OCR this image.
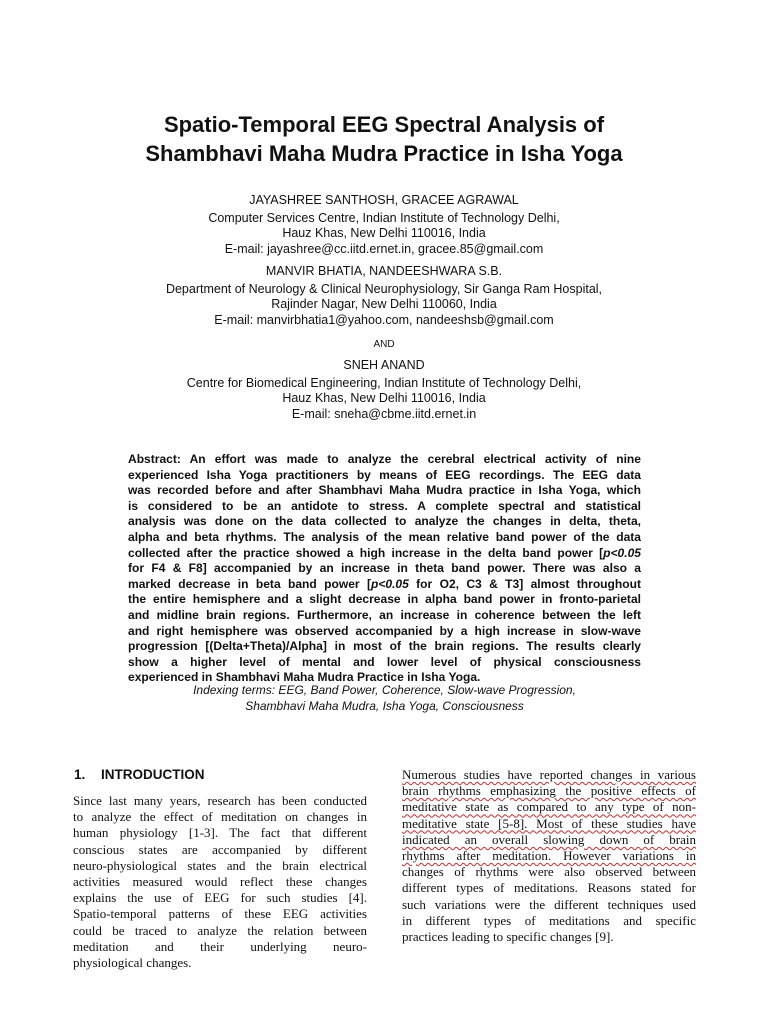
Spatio-Temporal EEG Spectral Analysis of
Shambhavi Maha Mudra Practice in Isha Yoga
JAYASHREE SANTHOSH, GRACEE AGRAWAL
Computer Services Centre, Indian Institute of Technology Delhi,
Hauz Khas, New Delhi 110016, India
E-mail: jayashree@cc.iitd.ernet.in, gracee.85@gmail.com
MANVIR BHATIA, NANDEESHWARA S.B.
Department of Neurology & Clinical Neurophysiology, Sir Ganga Ram Hospital,
Rajinder Nagar, New Delhi 110060, India
E-mail: manvirbhatia1@yahoo.com, nandeeshsb@gmail.com
AND
SNEH ANAND
Centre for Biomedical Engineering, Indian Institute of Technology Delhi,
Hauz Khas, New Delhi 110016, India
E-mail: sneha@cbme.iitd.ernet.in
Abstract: An effort was made to analyze the cerebral electrical activity of nine
experienced Isha Yoga practitioners by means of EEG recordings. The EEG data
was recorded before and after Shambhavi Maha Mudra practice in Isha Yoga, which
is considered to be an antidote to stress. A complete spectral and statistical
analysis was done on the data collected to analyze the changes in delta, theta,
alpha and beta rhythms. The analysis of the mean relative band power of the data
collected after the practice showed a high increase in the delta band power [p<0.05
for F4 & F8] accompanied by an increase in theta band power. There was also a
marked decrease in beta band power [p<0.05 for O2, C3 & T3] almost throughout
the entire hemisphere and a slight decrease in alpha band power in fronto-parietal
and midline brain regions. Furthermore, an increase in coherence between the left
and right hemisphere was observed accompanied by a high increase in slow-wave
progression [(Delta+Theta)/Alpha] in most of the brain regions. The results clearly
show a higher level of mental and lower level of physical consciousness
experienced in Shambhavi Maha Mudra Practice in Isha Yoga.
Indexing terms: EEG, Band Power, Coherence, Slow-wave Progression,
Shambhavi Maha Mudra, Isha Yoga, Consciousness
1. INTRODUCTION
Since last many years, research has been conducted
to analyze the effect of meditation on changes in
human physiology [1-3]. The fact that different
conscious states are accompanied by different
neuro-physiological states and the brain electrical
activities measured would reflect these changes
explains the use of EEG for such studies [4].
Spatio-temporal patterns of these EEG activities
could be traced to analyze the relation between
meditation and their underlying neuro-
physiological changes.
Numerous studies have reported changes in various
brain rhythms emphasizing the positive effects of
meditative state as compared to any type of non-
meditative state [5-8]. Most of these studies have
indicated an overall slowing down of brain
rhythms after meditation. However variations in
changes of rhythms were also observed between
different types of meditations. Reasons stated for
such variations were the different techniques used
in different types of meditations and specific
practices leading to specific changes [9].
